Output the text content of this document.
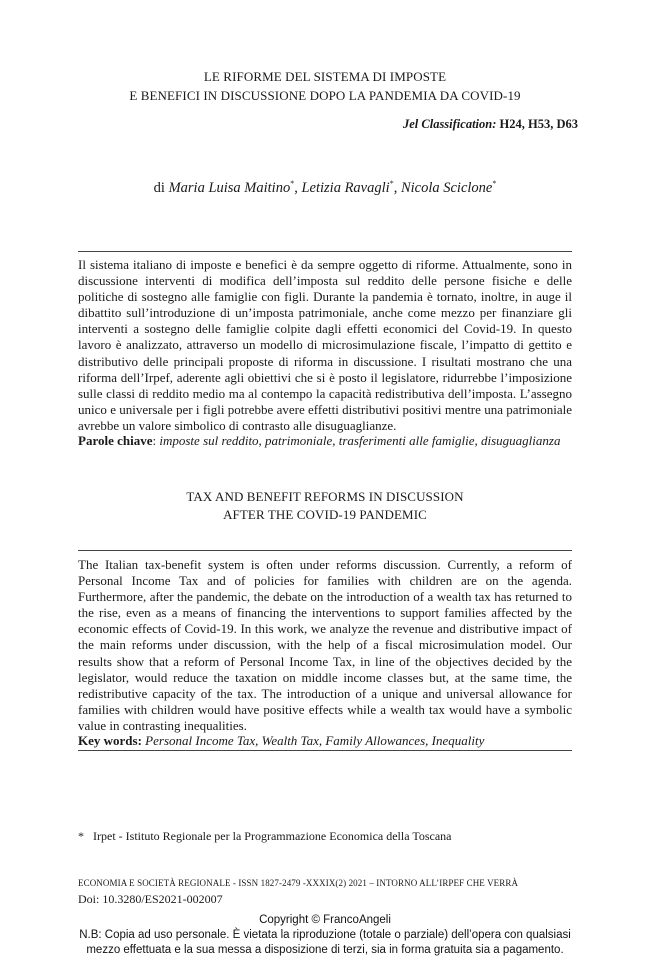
LE RIFORME DEL SISTEMA DI IMPOSTE
E BENEFICI IN DISCUSSIONE DOPO LA PANDEMIA DA COVID-19
Jel Classification: H24, H53, D63
di Maria Luisa Maitino*, Letizia Ravagli*, Nicola Sciclone*
Il sistema italiano di imposte e benefici è da sempre oggetto di riforme. Attualmente, sono in discussione interventi di modifica dell’imposta sul reddito delle persone fisiche e delle politiche di sostegno alle famiglie con figli. Durante la pandemia è tornato, inoltre, in auge il dibattito sull’introduzione di un’imposta patrimoniale, anche come mezzo per finanziare gli interventi a sostegno delle famiglie colpite dagli effetti economici del Covid-19. In questo lavoro è analizzato, attraverso un modello di microsimulazione fiscale, l’impatto di gettito e distributivo delle principali proposte di riforma in discussione. I risultati mostrano che una riforma dell’Irpef, aderente agli obiettivi che si è posto il legislatore, ridurrebbe l’imposizione sulle classi di reddito medio ma al contempo la capacità redistributiva dell’imposta. L’assegno unico e universale per i figli potrebbe avere effetti distributivi positivi mentre una patrimoniale avrebbe un valore simbolico di contrasto alle disuguaglianze.
Parole chiave: imposte sul reddito, patrimoniale, trasferimenti alle famiglie, disuguaglianza
TAX AND BENEFIT REFORMS IN DISCUSSION
AFTER THE COVID-19 PANDEMIC
The Italian tax-benefit system is often under reforms discussion. Currently, a reform of Personal Income Tax and of policies for families with children are on the agenda. Furthermore, after the pandemic, the debate on the introduction of a wealth tax has returned to the rise, even as a means of financing the interventions to support families affected by the economic effects of Covid-19. In this work, we analyze the revenue and distributive impact of the main reforms under discussion, with the help of a fiscal microsimulation model. Our results show that a reform of Personal Income Tax, in line of the objectives decided by the legislator, would reduce the taxation on middle income classes but, at the same time, the redistributive capacity of the tax. The introduction of a unique and universal allowance for families with children would have positive effects while a wealth tax would have a symbolic value in contrasting inequalities.
Key words: Personal Income Tax, Wealth Tax, Family Allowances, Inequality
* Irpet - Istituto Regionale per la Programmazione Economica della Toscana
ECONOMIA E SOCIETÀ REGIONALE - ISSN 1827-2479 -XXXIX(2) 2021 – INTORNO ALL’IRPEF CHE VERRÀ
Doi: 10.3280/ES2021-002007
Copyright © FrancoAngeli
N.B: Copia ad uso personale. È vietata la riproduzione (totale o parziale) dell’opera con qualsiasi
mezzo effettuata e la sua messa a disposizione di terzi, sia in forma gratuita sia a pagamento.
